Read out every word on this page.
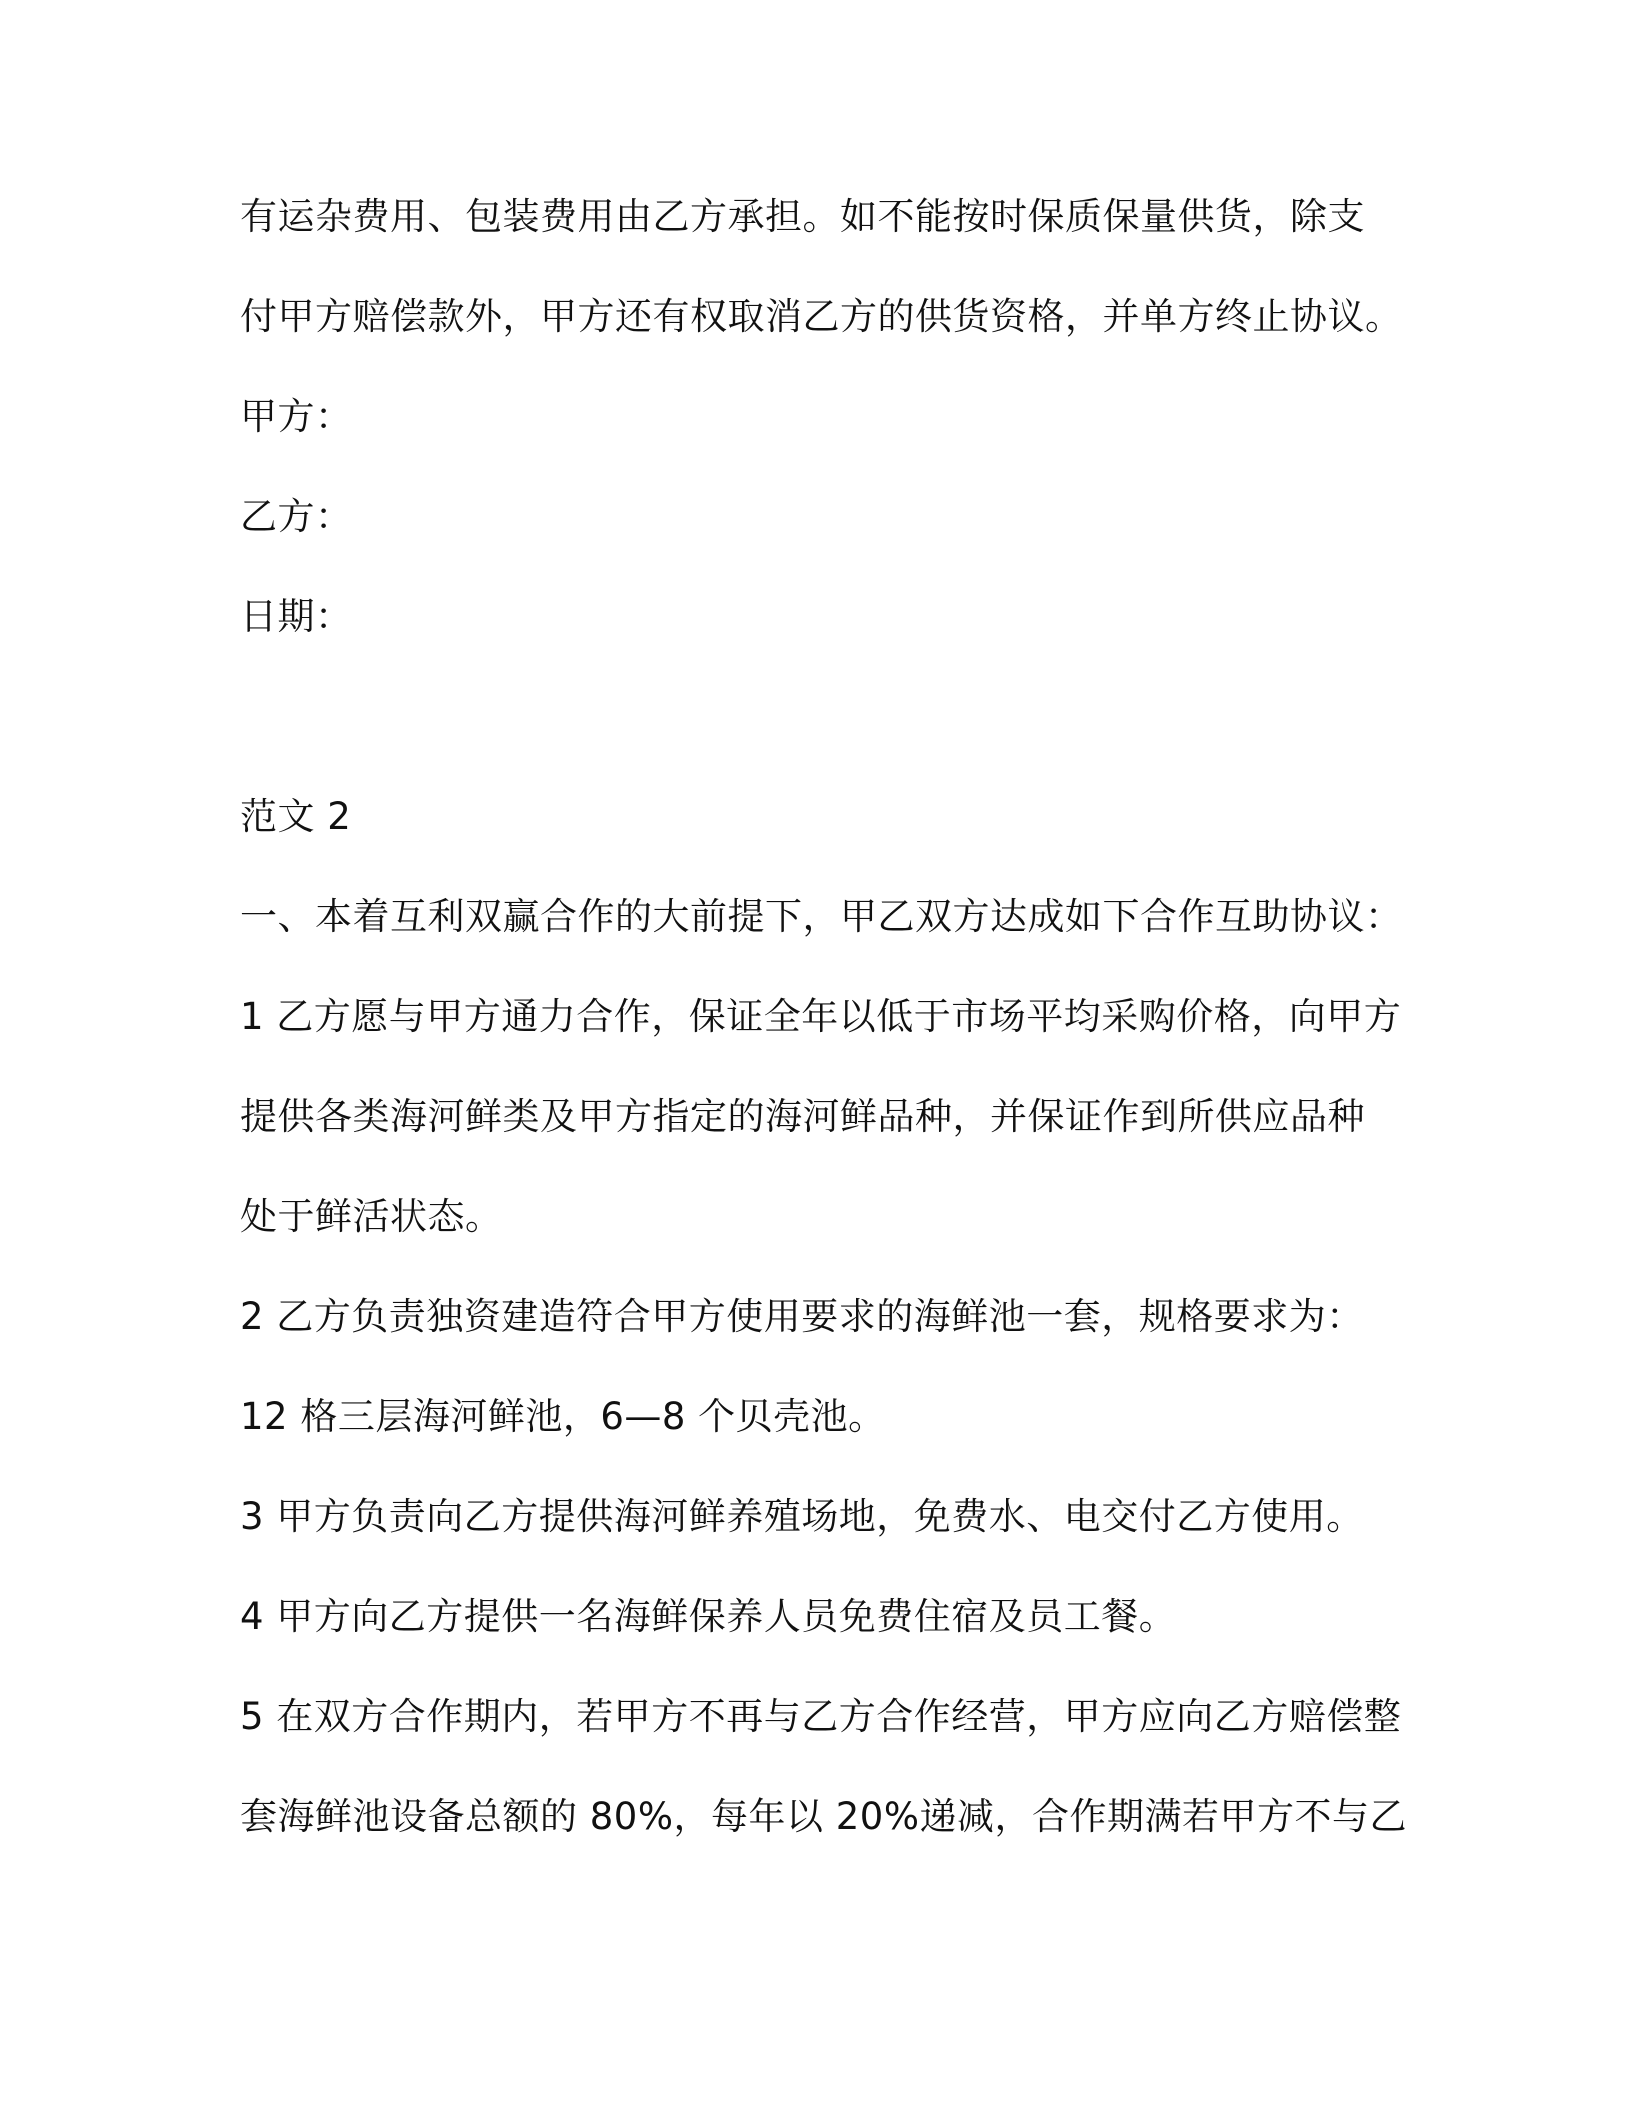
有运杂费用、包装费用由乙方承担。如不能按时保质保量供货，除支
付甲方赔偿款外，甲方还有权取消乙方的供货资格，并单方终止协议。
甲方：
乙方：
日期：
范文 2
一、本着互利双赢合作的大前提下，甲乙双方达成如下合作互助协议：
1 乙方愿与甲方通力合作，保证全年以低于市场平均采购价格，向甲方
提供各类海河鲜类及甲方指定的海河鲜品种，并保证作到所供应品种
处于鲜活状态。
2 乙方负责独资建造符合甲方使用要求的海鲜池一套，规格要求为：
12 格三层海河鲜池，6—8 个贝壳池。
3 甲方负责向乙方提供海河鲜养殖场地，免费水、电交付乙方使用。
4 甲方向乙方提供一名海鲜保养人员免费住宿及员工餐。
5 在双方合作期内，若甲方不再与乙方合作经营，甲方应向乙方赔偿整
套海鲜池设备总额的 80%，每年以 20%递减，合作期满若甲方不与乙
